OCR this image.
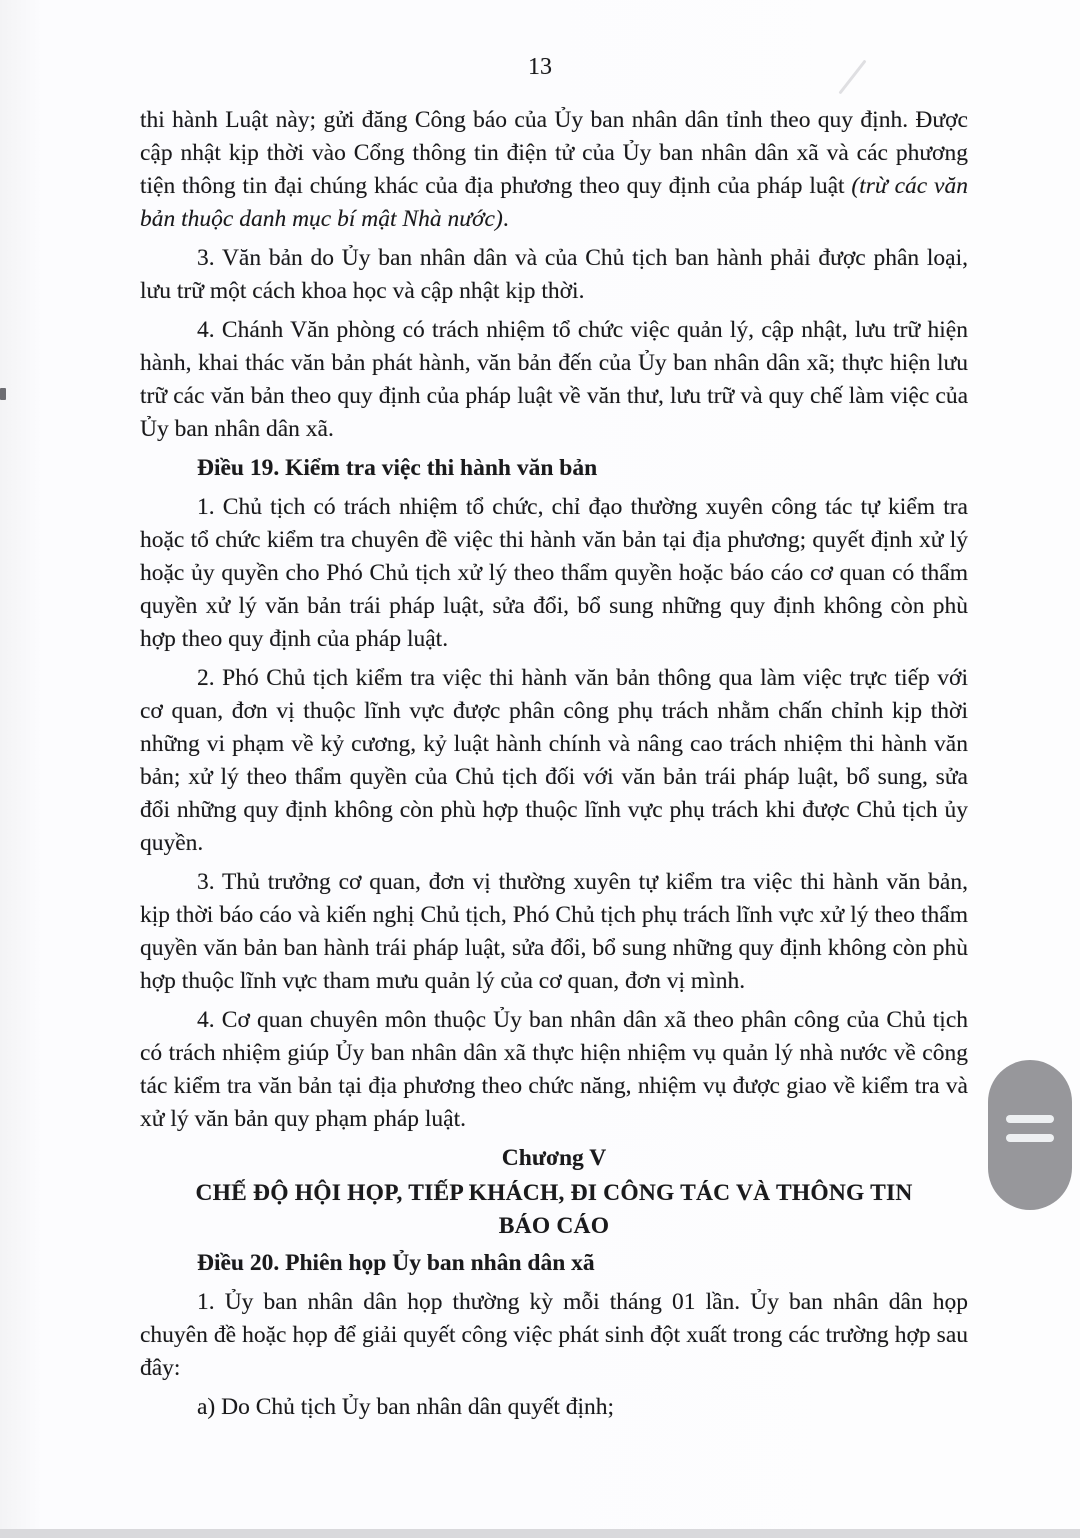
13

thi hành Luật này; gửi đăng Công báo của Ủy ban nhân dân tỉnh theo quy định. Được cập nhật kịp thời vào Cổng thông tin điện tử của Ủy ban nhân dân xã và các phương tiện thông tin đại chúng khác của địa phương theo quy định của pháp luật (trừ các văn bản thuộc danh mục bí mật Nhà nước).

3. Văn bản do Ủy ban nhân dân và của Chủ tịch ban hành phải được phân loại, lưu trữ một cách khoa học và cập nhật kịp thời.

4. Chánh Văn phòng có trách nhiệm tổ chức việc quản lý, cập nhật, lưu trữ hiện hành, khai thác văn bản phát hành, văn bản đến của Ủy ban nhân dân xã; thực hiện lưu trữ các văn bản theo quy định của pháp luật về văn thư, lưu trữ và quy chế làm việc của Ủy ban nhân dân xã.

Điều 19. Kiểm tra việc thi hành văn bản

1. Chủ tịch có trách nhiệm tổ chức, chỉ đạo thường xuyên công tác tự kiểm tra hoặc tổ chức kiểm tra chuyên đề việc thi hành văn bản tại địa phương; quyết định xử lý hoặc ủy quyền cho Phó Chủ tịch xử lý theo thẩm quyền hoặc báo cáo cơ quan có thẩm quyền xử lý văn bản trái pháp luật, sửa đổi, bổ sung những quy định không còn phù hợp theo quy định của pháp luật.

2. Phó Chủ tịch kiểm tra việc thi hành văn bản thông qua làm việc trực tiếp với cơ quan, đơn vị thuộc lĩnh vực được phân công phụ trách nhằm chấn chỉnh kịp thời những vi phạm về kỷ cương, kỷ luật hành chính và nâng cao trách nhiệm thi hành văn bản; xử lý theo thẩm quyền của Chủ tịch đối với văn bản trái pháp luật, bổ sung, sửa đổi những quy định không còn phù hợp thuộc lĩnh vực phụ trách khi được Chủ tịch ủy quyền.

3. Thủ trưởng cơ quan, đơn vị thường xuyên tự kiểm tra việc thi hành văn bản, kịp thời báo cáo và kiến nghị Chủ tịch, Phó Chủ tịch phụ trách lĩnh vực xử lý theo thẩm quyền văn bản ban hành trái pháp luật, sửa đổi, bổ sung những quy định không còn phù hợp thuộc lĩnh vực tham mưu quản lý của cơ quan, đơn vị mình.

4. Cơ quan chuyên môn thuộc Ủy ban nhân dân xã theo phân công của Chủ tịch có trách nhiệm giúp Ủy ban nhân dân xã thực hiện nhiệm vụ quản lý nhà nước về công tác kiểm tra văn bản tại địa phương theo chức năng, nhiệm vụ được giao về kiểm tra và xử lý văn bản quy phạm pháp luật.

Chương V

CHẾ ĐỘ HỘI HỌP, TIẾP KHÁCH, ĐI CÔNG TÁC VÀ THÔNG TIN
BÁO CÁO

Điều 20. Phiên họp Ủy ban nhân dân xã

1. Ủy ban nhân dân họp thường kỳ mỗi tháng 01 lần. Ủy ban nhân dân họp chuyên đề hoặc họp để giải quyết công việc phát sinh đột xuất trong các trường hợp sau đây:

a) Do Chủ tịch Ủy ban nhân dân quyết định;
